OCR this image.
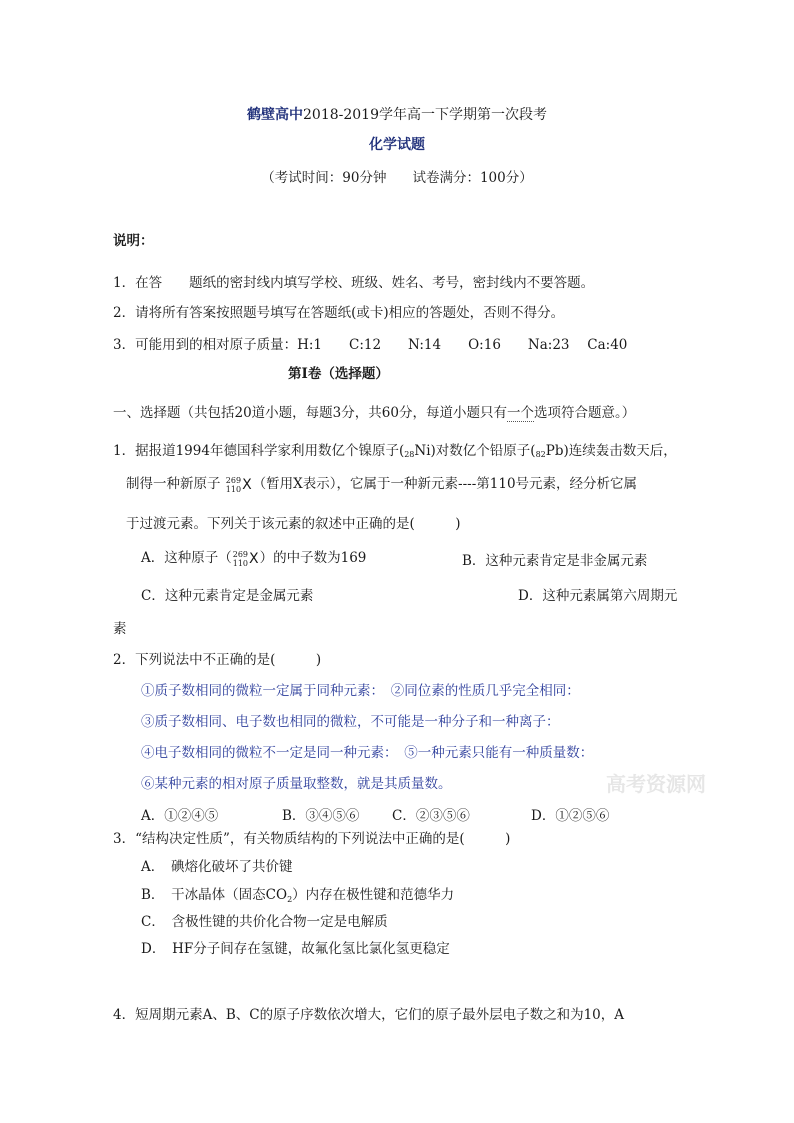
鹤壁高中2018-2019学年高一下学期第一次段考
化学试题
（考试时间：90分钟 试卷满分：100分）
说明：
1．在答　　题纸的密封线内填写学校、班级、姓名、考号，密封线内不要答题。
2．请将所有答案按照题号填写在答题纸(或卡)相应的答题处，否则不得分。
3．可能用到的相对原子质量：H:1　　C:12　　N:14　　O:16　　Na:23　 Ca:40
第Ⅰ卷（选择题）
一、选择题（共包括20道小题，每题3分，共60分，每道小题只有一个选项符合题意。）
1．据报道1994年德国科学家利用数亿个镍原子(28Ni)对数亿个铅原子(82Pb)连续轰击数天后，
制得一种新原子 269
110 X （暂用X表示），它属于一种新元素----第110号元素，经分析它属
于过渡元素。下列关于该元素的叙述中正确的是(　　　)
A．这种原子（ 269
110 X ）的中子数为169	B．这种元素肯定是非金属元素
C．这种元素肯定是金属元素	D．这种元素属第六周期元
素
2．下列说法中不正确的是(　　　)
①质子数相同的微粒一定属于同种元素：　②同位素的性质几乎完全相同：
③质子数相同、电子数也相同的微粒，不可能是一种分子和一种离子：
④电子数相同的微粒不一定是同一种元素：　⑤一种元素只能有一种质量数：
⑥某种元素的相对原子质量取整数，就是其质量数。	高考资源网
A．①②④⑤	B．③④⑤⑥ C．②③⑤⑥	D．①②⑤⑥
3．“结构决定性质”，有关物质结构的下列说法中正确的是(　　　)
A．　碘熔化破坏了共价键
B．　干冰晶体（固态$CO_2$）内存在极性键和范德华力
C．　含极性键的共价化合物一定是电解质
D．　HF分子间存在氢键，故氟化氢比氯化氢更稳定
4．短周期元素A、B、C的原子序数依次增大，它们的原子最外层电子数之和为10，A
